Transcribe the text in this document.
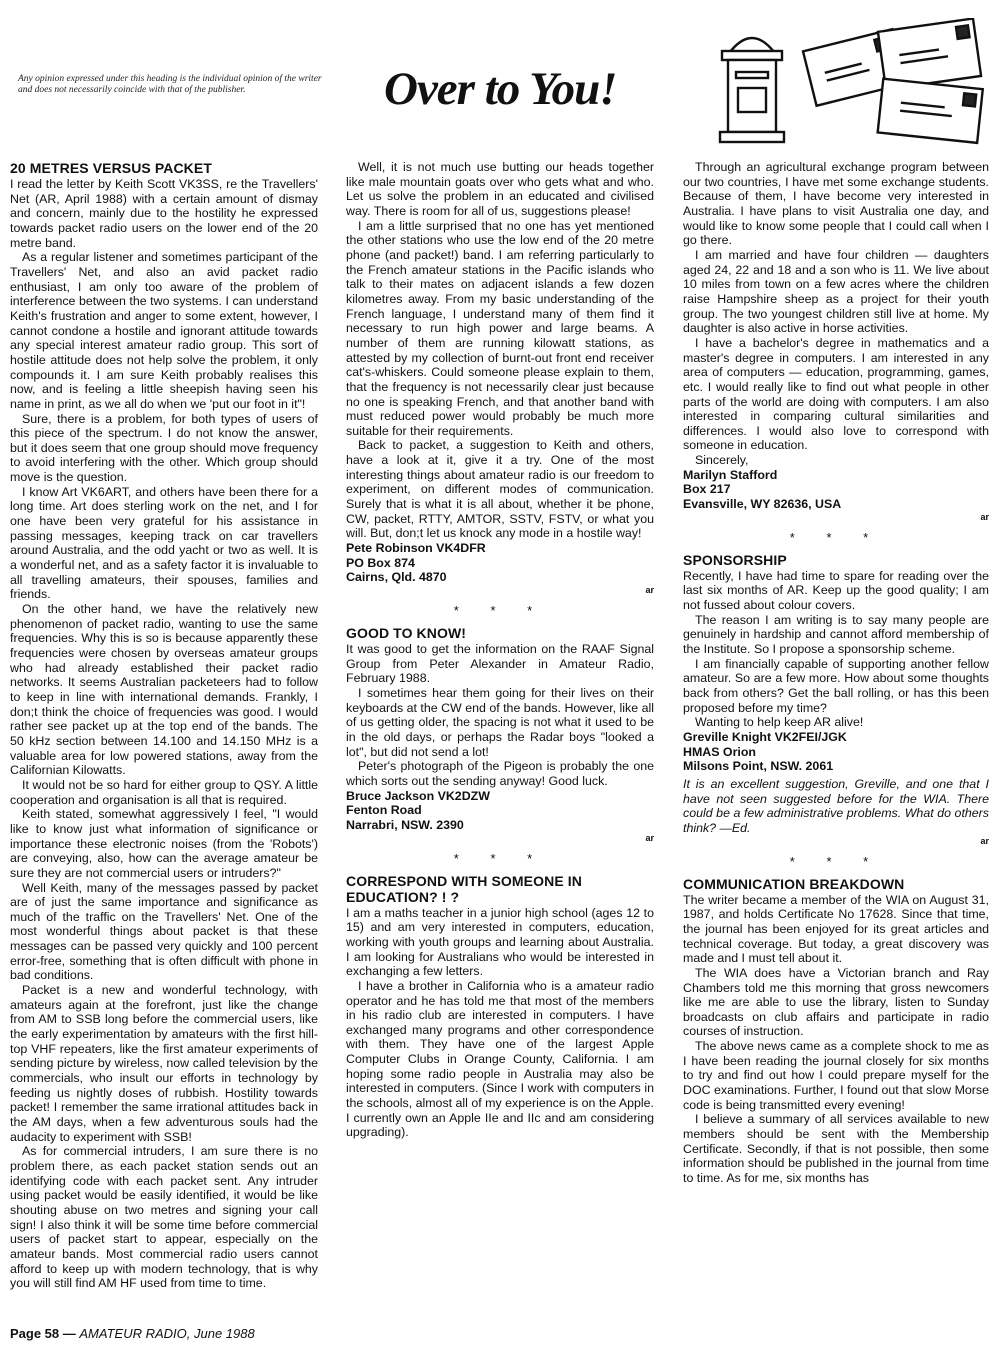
Any opinion expressed under this heading is the individual opinion of the writer and does not necessarily coincide with that of the publisher.	Over to You!
20 METRES VERSUS PACKET

I read the letter by Keith Scott VK3SS, re the Travellers' Net (AR, April 1988) with a certain amount of dismay and concern, mainly due to the hostility he expressed towards packet radio users on the lower end of the 20 metre band.

As a regular listener and sometimes participant of the Travellers' Net, and also an avid packet radio enthusiast, I am only too aware of the problem of interference between the two systems. I can understand Keith's frustration and anger to some extent, however, I cannot condone a hostile and ignorant attitude towards any special interest amateur radio group. This sort of hostile attitude does not help solve the problem, it only compounds it. I am sure Keith probably realises this now, and is feeling a little sheepish having seen his name in print, as we all do when we 'put our foot in it"!

Sure, there is a problem, for both types of users of this piece of the spectrum. I do not know the answer, but it does seem that one group should move frequency to avoid interfering with the other. Which group should move is the question.

I know Art VK6ART, and others have been there for a long time. Art does sterling work on the net, and I for one have been very grateful for his assistance in passing messages, keeping track on car travellers around Australia, and the odd yacht or two as well. It is a wonderful net, and as a safety factor it is invaluable to all travelling amateurs, their spouses, families and friends.

On the other hand, we have the relatively new phenomenon of packet radio, wanting to use the same frequencies. Why this is so is because apparently these frequencies were chosen by overseas amateur groups who had already established their packet radio networks. It seems Australian packeteers had to follow to keep in line with international demands. Frankly, I don;t think the choice of frequencies was good. I would rather see packet up at the top end of the bands. The 50 kHz section between 14.100 and 14.150 MHz is a valuable area for low powered stations, away from the Californian Kilowatts.

It would not be so hard for either group to QSY. A little cooperation and organisation is all that is required.

Keith stated, somewhat aggressively I feel, "I would like to know just what information of significance or importance these electronic noises (from the 'Robots') are conveying, also, how can the average amateur be sure they are not commercial users or intruders?"

Well Keith, many of the messages passed by packet are of just the same importance and significance as much of the traffic on the Travellers' Net. One of the most wonderful things about packet is that these messages can be passed very quickly and 100 percent error-free, something that is often difficult with phone in bad conditions.

Packet is a new and wonderful technology, with amateurs again at the forefront, just like the change from AM to SSB long before the commercial users, like the early experimentation by amateurs with the first hill-top VHF repeaters, like the first amateur experiments of sending picture by wireless, now called television by the commercials, who insult our efforts in technology by feeding us nightly doses of rubbish. Hostility towards packet! I remember the same irrational attitudes back in the AM days, when a few adventurous souls had the audacity to experiment with SSB!

As for commercial intruders, I am sure there is no problem there, as each packet station sends out an identifying code with each packet sent. Any intruder using packet would be easily identified, it would be like shouting abuse on two metres and signing your call sign! I also think it will be some time before commercial users of packet start to appear, especially on the amateur bands. Most commercial radio users cannot afford to keep up with modern technology, that is why you will still find AM HF used from time to time.

Well, it is not much use butting our heads together like male mountain goats over who gets what and who. Let us solve the problem in an educated and civilised way. There is room for all of us, suggestions please!

I am a little surprised that no one has yet mentioned the other stations who use the low end of the 20 metre phone (and packet!) band. I am referring particularly to the French amateur stations in the Pacific islands who talk to their mates on adjacent islands a few dozen kilometres away. From my basic understanding of the French language, I understand many of them find it necessary to run high power and large beams. A number of them are running kilowatt stations, as attested by my collection of burnt-out front end receiver cat's-whiskers. Could someone please explain to them, that the frequency is not necessarily clear just because no one is speaking French, and that another band with must reduced power would probably be much more suitable for their requirements.

Back to packet, a suggestion to Keith and others, have a look at it, give it a try. One of the most interesting things about amateur radio is our freedom to experiment, on different modes of communication. Surely that is what it is all about, whether it be phone, CW, packet, RTTY, AMTOR, SSTV, FSTV, or what you will. But, don;t let us knock any mode in a hostile way!

Pete Robinson VK4DFR

PO Box 874

Cairns, Qld. 4870

ar
* * *
GOOD TO KNOW!

It was good to get the information on the RAAF Signal Group from Peter Alexander in Amateur Radio, February 1988.

I sometimes hear them going for their lives on their keyboards at the CW end of the bands. However, like all of us getting older, the spacing is not what it used to be in the old days, or perhaps the Radar boys "looked a lot", but did not send a lot!

Peter's photograph of the Pigeon is probably the one which sorts out the sending anyway! Good luck.

Bruce Jackson VK2DZW

Fenton Road

Narrabri, NSW. 2390

ar
* * *
CORRESPOND WITH SOMEONE IN EDUCATION? ! ?

I am a maths teacher in a junior high school (ages 12 to 15) and am very interested in computers, education, working with youth groups and learning about Australia. I am looking for Australians who would be interested in exchanging a few letters.

I have a brother in California who is a amateur radio operator and he has told me that most of the members in his radio club are interested in computers. I have exchanged many programs and other correspondence with them. They have one of the largest Apple Computer Clubs in Orange County, California. I am hoping some radio people in Australia may also be interested in computers. (Since I work with computers in the schools, almost all of my experience is on the Apple. I currently own an Apple IIe and IIc and am considering upgrading).

Through an agricultural exchange program between our two countries, I have met some exchange students. Because of them, I have become very interested in Australia. I have plans to visit Australia one day, and would like to know some people that I could call when I go there.

I am married and have four children — daughters aged 24, 22 and 18 and a son who is 11. We live about 10 miles from town on a few acres where the children raise Hampshire sheep as a project for their youth group. The two youngest children still live at home. My daughter is also active in horse activities.

I have a bachelor's degree in mathematics and a master's degree in computers. I am interested in any area of computers — education, programming, games, etc. I would really like to find out what people in other parts of the world are doing with computers. I am also interested in comparing cultural similarities and differences. I would also love to correspond with someone in education.

Sincerely,

Marilyn Stafford

Box 217

Evansville, WY 82636, USA

ar
* * *
SPONSORSHIP

Recently, I have had time to spare for reading over the last six months of AR. Keep up the good quality; I am not fussed about colour covers.

The reason I am writing is to say many people are genuinely in hardship and cannot afford membership of the Institute. So I propose a sponsorship scheme.

I am financially capable of supporting another fellow amateur. So are a few more. How about some thoughts back from others? Get the ball rolling, or has this been proposed before my time?

Wanting to help keep AR alive!

Greville Knight VK2FEI/JGK

HMAS Orion

Milsons Point, NSW. 2061

It is an excellent suggestion, Greville, and one that I have not seen suggested before for the WIA. There could be a few administrative problems. What do others think? —Ed.

ar
* * *
COMMUNICATION BREAKDOWN

The writer became a member of the WIA on August 31, 1987, and holds Certificate No 17628. Since that time, the journal has been enjoyed for its great articles and technical coverage. But today, a great discovery was made and I must tell about it.

The WIA does have a Victorian branch and Ray Chambers told me this morning that gross newcomers like me are able to use the library, listen to Sunday broadcasts on club affairs and participate in radio courses of instruction.

The above news came as a complete shock to me as I have been reading the journal closely for six months to try and find out how I could prepare myself for the DOC examinations. Further, I found out that slow Morse code is being transmitted every evening!

I believe a summary of all services available to new members should be sent with the Membership Certificate. Secondly, if that is not possible, then some information should be published in the journal from time to time. As for me, six months has

Page 58 — AMATEUR RADIO, June 1988
